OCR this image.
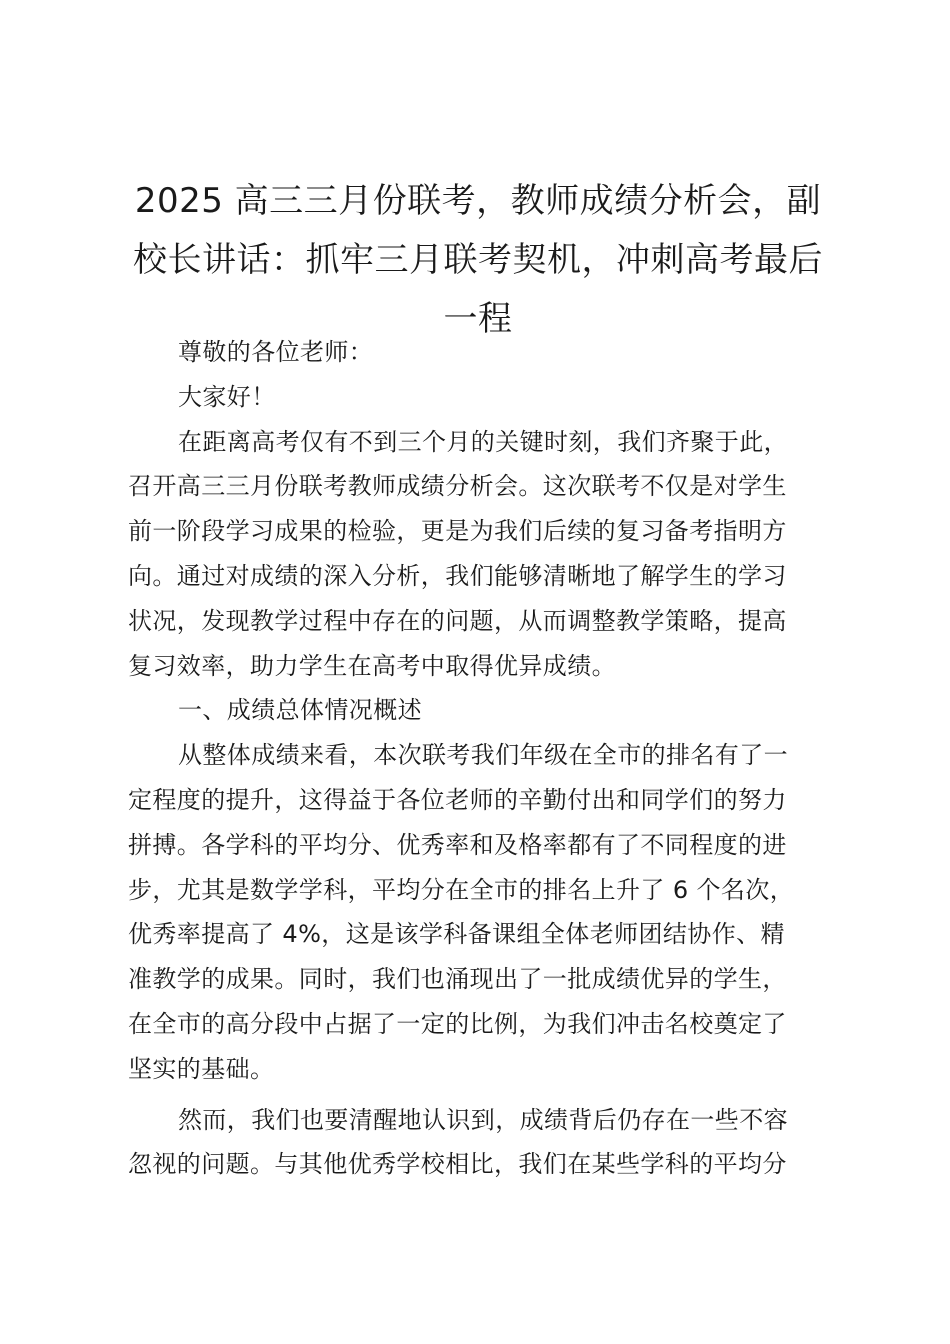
2025 高三三月份联考，教师成绩分析会，副
校长讲话：抓牢三月联考契机，冲刺高考最后
一程

尊敬的各位老师：

大家好！

在距离高考仅有不到三个月的关键时刻，我们齐聚于此，
召开高三三月份联考教师成绩分析会。这次联考不仅是对学生
前一阶段学习成果的检验，更是为我们后续的复习备考指明方
向。通过对成绩的深入分析，我们能够清晰地了解学生的学习
状况，发现教学过程中存在的问题，从而调整教学策略，提高
复习效率，助力学生在高考中取得优异成绩。

一、成绩总体情况概述

从整体成绩来看，本次联考我们年级在全市的排名有了一
定程度的提升，这得益于各位老师的辛勤付出和同学们的努力
拼搏。各学科的平均分、优秀率和及格率都有了不同程度的进
步，尤其是数学学科，平均分在全市的排名上升了 6 个名次，
优秀率提高了 4%，这是该学科备课组全体老师团结协作、精
准教学的成果。同时，我们也涌现出了一批成绩优异的学生，
在全市的高分段中占据了一定的比例，为我们冲击名校奠定了
坚实的基础。

然而，我们也要清醒地认识到，成绩背后仍存在一些不容
忽视的问题。与其他优秀学校相比，我们在某些学科的平均分
